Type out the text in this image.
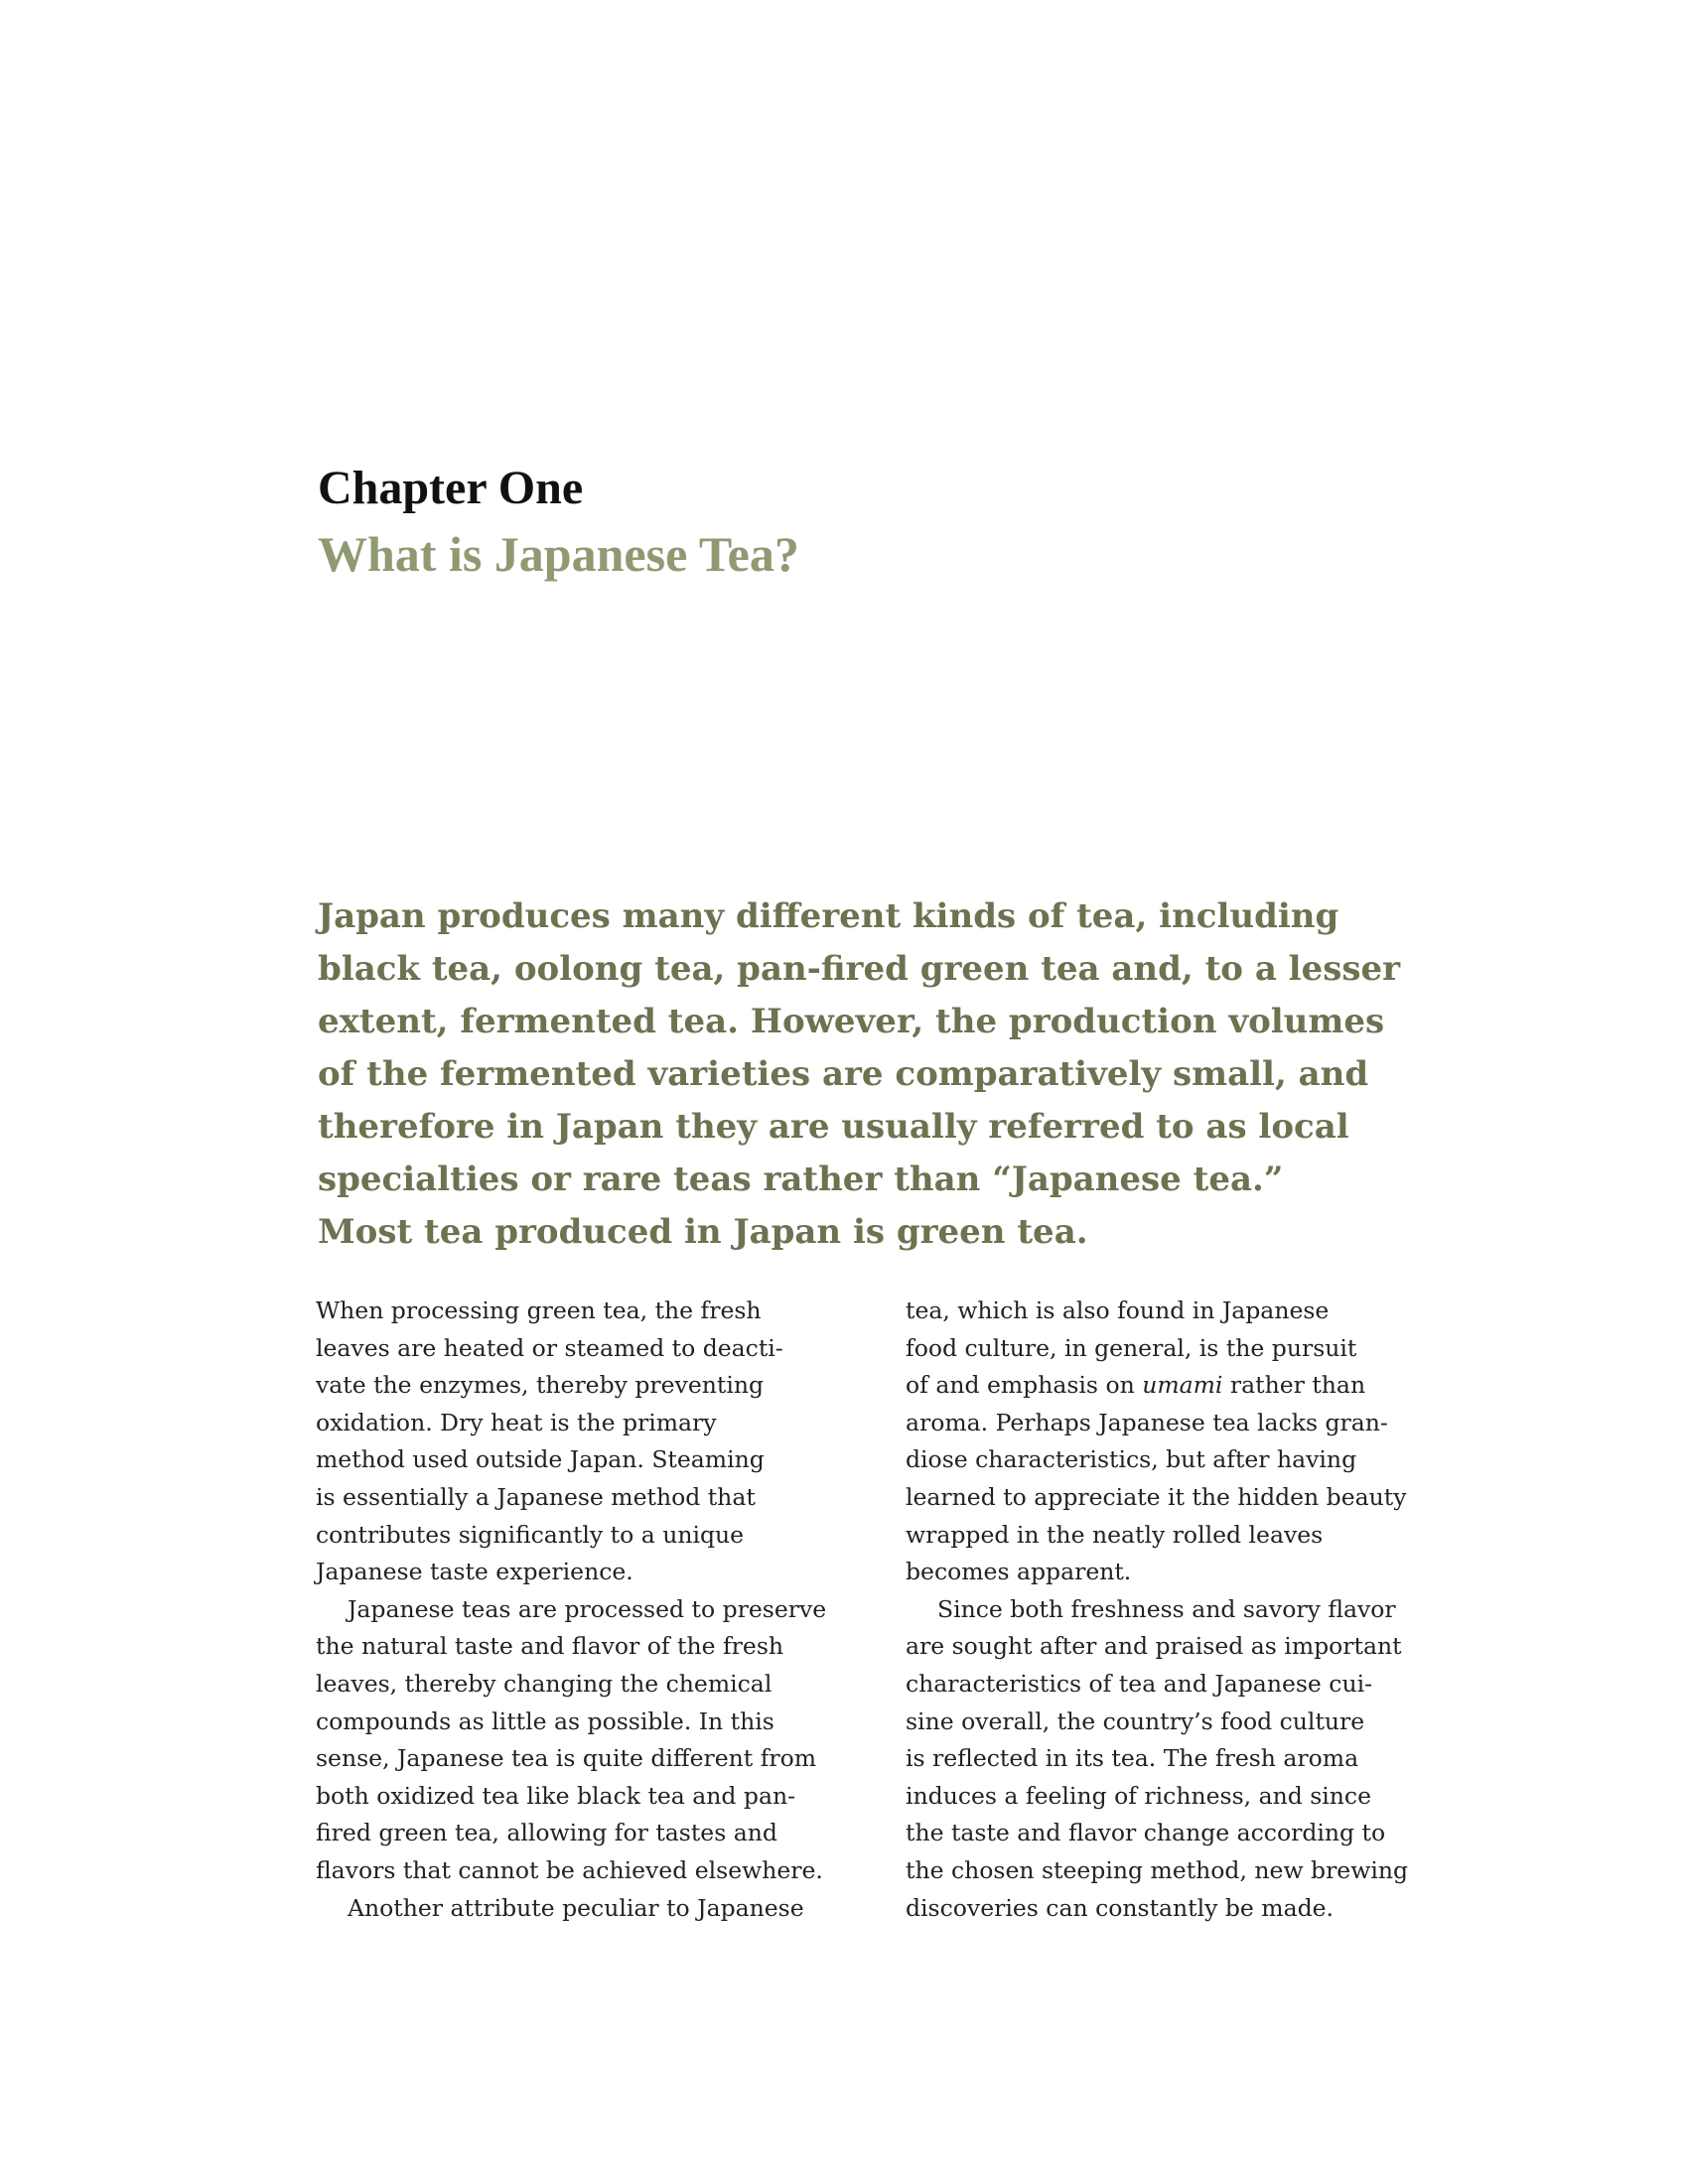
Chapter One
What is Japanese Tea?

Japan produces many different kinds of tea, including
black tea, oolong tea, pan-fired green tea and, to a lesser
extent, fermented tea. However, the production volumes
of the fermented varieties are comparatively small, and
therefore in Japan they are usually referred to as local
specialties or rare teas rather than “Japanese tea.”
Most tea produced in Japan is green tea.

When processing green tea, the fresh
leaves are heated or steamed to deacti-
vate the enzymes, thereby preventing
oxidation. Dry heat is the primary
method used outside Japan. Steaming
is essentially a Japanese method that
contributes significantly to a unique
Japanese taste experience.
Japanese teas are processed to preserve
the natural taste and flavor of the fresh
leaves, thereby changing the chemical
compounds as little as possible. In this
sense, Japanese tea is quite different from
both oxidized tea like black tea and pan-
fired green tea, allowing for tastes and
flavors that cannot be achieved elsewhere.
Another attribute peculiar to Japanese
tea, which is also found in Japanese
food culture, in general, is the pursuit
of and emphasis on umami rather than
aroma. Perhaps Japanese tea lacks gran-
diose characteristics, but after having
learned to appreciate it the hidden beauty
wrapped in the neatly rolled leaves
becomes apparent.
Since both freshness and savory flavor
are sought after and praised as important
characteristics of tea and Japanese cui-
sine overall, the country’s food culture
is reflected in its tea. The fresh aroma
induces a feeling of richness, and since
the taste and flavor change according to
the chosen steeping method, new brewing
discoveries can constantly be made.
